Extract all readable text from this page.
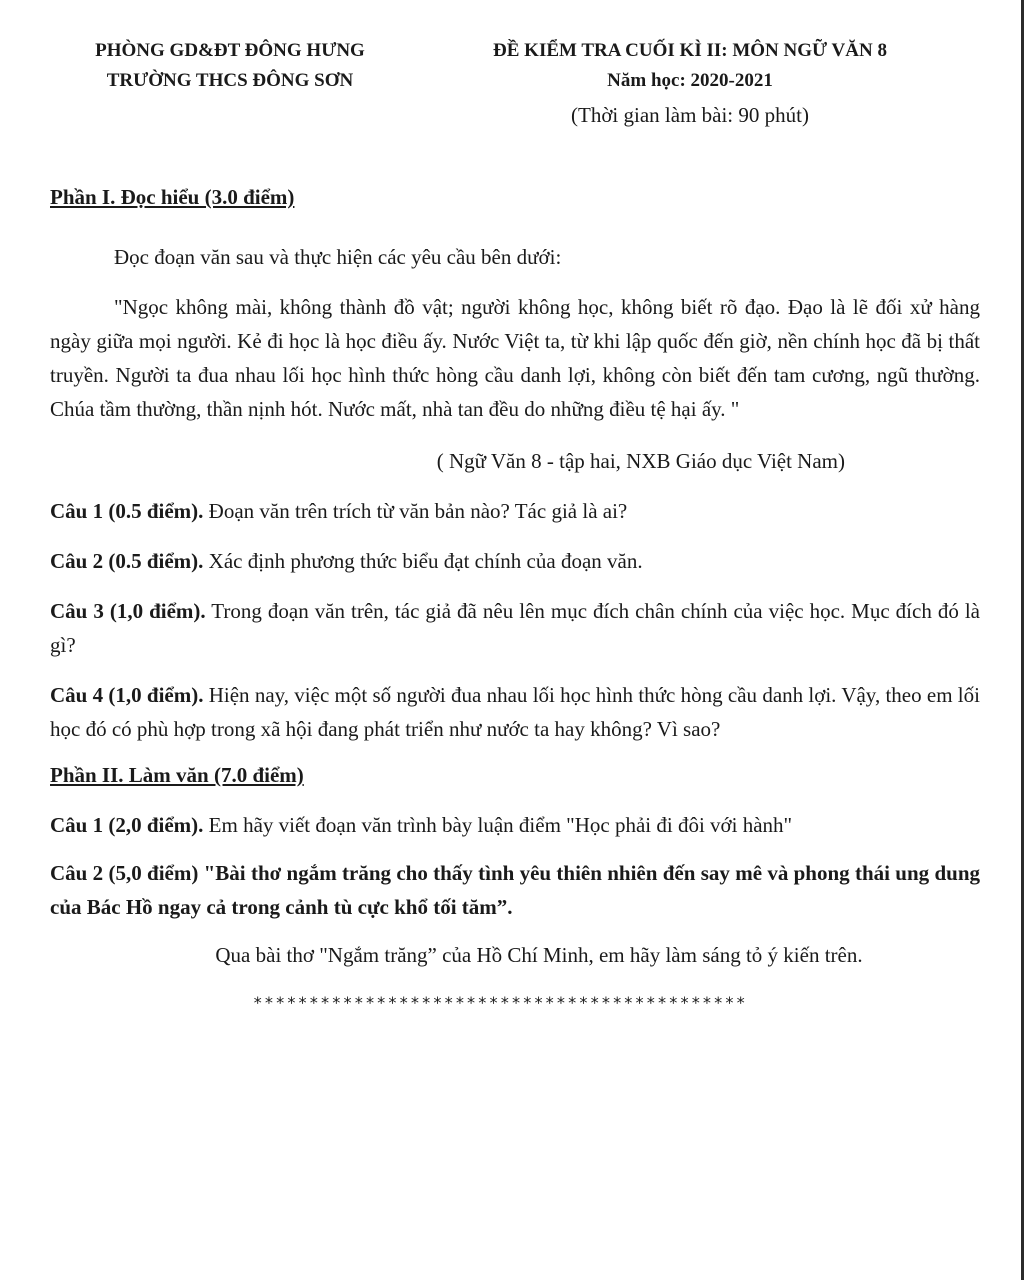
PHÒNG GD&ĐT ĐÔNG HƯNG
TRƯỜNG THCS ĐÔNG SƠN
ĐỀ KIỂM TRA CUỐI KÌ II: MÔN NGỮ VĂN 8
Năm học: 2020-2021
(Thời gian làm bài: 90 phút)

Phần I. Đọc hiểu (3.0 điểm)

Đọc đoạn văn sau và thực hiện các yêu cầu bên dưới:

"Ngọc không mài, không thành đồ vật; người không học, không biết rõ đạo. Đạo là lẽ đối xử hàng ngày giữa mọi người. Kẻ đi học là học điều ấy. Nước Việt ta, từ khi lập quốc đến giờ, nền chính học đã bị thất truyền. Người ta đua nhau lối học hình thức hòng cầu danh lợi, không còn biết đến tam cương, ngũ thường. Chúa tầm thường, thần nịnh hót. Nước mất, nhà tan đều do những điều tệ hại ấy. "

( Ngữ Văn 8 - tập hai, NXB Giáo dục Việt Nam)

Câu 1 (0.5 điểm). Đoạn văn trên trích từ văn bản nào? Tác giả là ai?

Câu 2 (0.5 điểm). Xác định phương thức biểu đạt chính của đoạn văn.

Câu 3 (1,0 điểm). Trong đoạn văn trên, tác giả đã nêu lên mục đích chân chính của việc học. Mục đích đó là gì?

Câu 4 (1,0 điểm). Hiện nay, việc một số người đua nhau lối học hình thức hòng cầu danh lợi. Vậy, theo em lối học đó có phù hợp trong xã hội đang phát triển như nước ta hay không? Vì sao?

Phần II. Làm văn (7.0 điểm)

Câu 1 (2,0 điểm). Em hãy viết đoạn văn trình bày luận điểm "Học phải đi đôi với hành"

Câu 2 (5,0 điểm) "Bài thơ ngắm trăng cho thấy tình yêu thiên nhiên đến say mê và phong thái ung dung của Bác Hồ ngay cả trong cảnh tù cực khổ tối tăm”.

Qua bài thơ "Ngắm trăng” của Hồ Chí Minh, em hãy làm sáng tỏ ý kiến trên.

********************************************
